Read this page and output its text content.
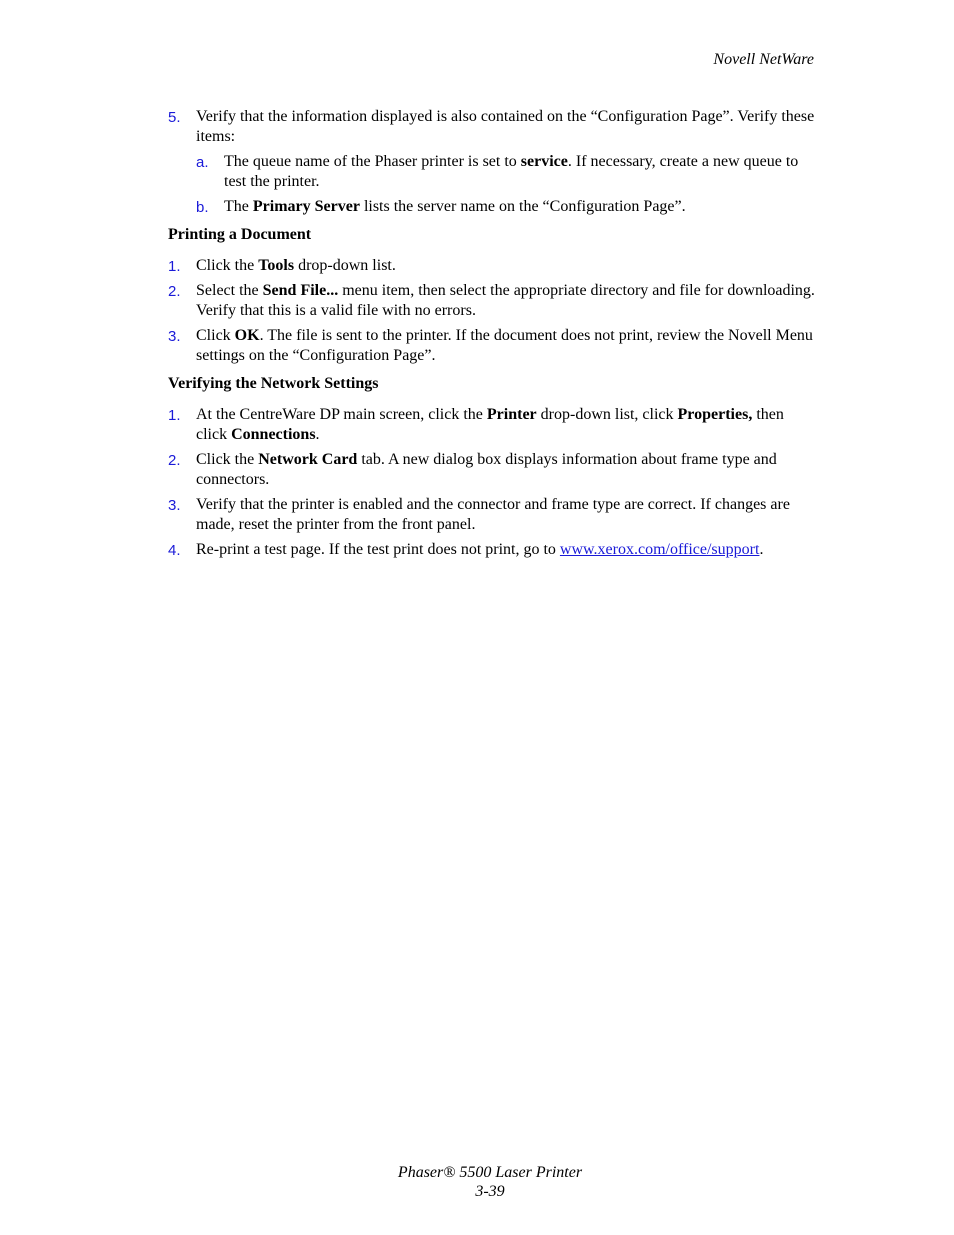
Novell NetWare
5. Verify that the information displayed is also contained on the “Configuration Page”. Verify these items:
a. The queue name of the Phaser printer is set to service. If necessary, create a new queue to test the printer.
b. The Primary Server lists the server name on the “Configuration Page”.
Printing a Document
1. Click the Tools drop-down list.
2. Select the Send File... menu item, then select the appropriate directory and file for downloading. Verify that this is a valid file with no errors.
3. Click OK. The file is sent to the printer. If the document does not print, review the Novell Menu settings on the “Configuration Page”.
Verifying the Network Settings
1. At the CentreWare DP main screen, click the Printer drop-down list, click Properties, then click Connections.
2. Click the Network Card tab. A new dialog box displays information about frame type and connectors.
3. Verify that the printer is enabled and the connector and frame type are correct. If changes are made, reset the printer from the front panel.
4. Re-print a test page. If the test print does not print, go to www.xerox.com/office/support.
Phaser® 5500 Laser Printer
3-39
